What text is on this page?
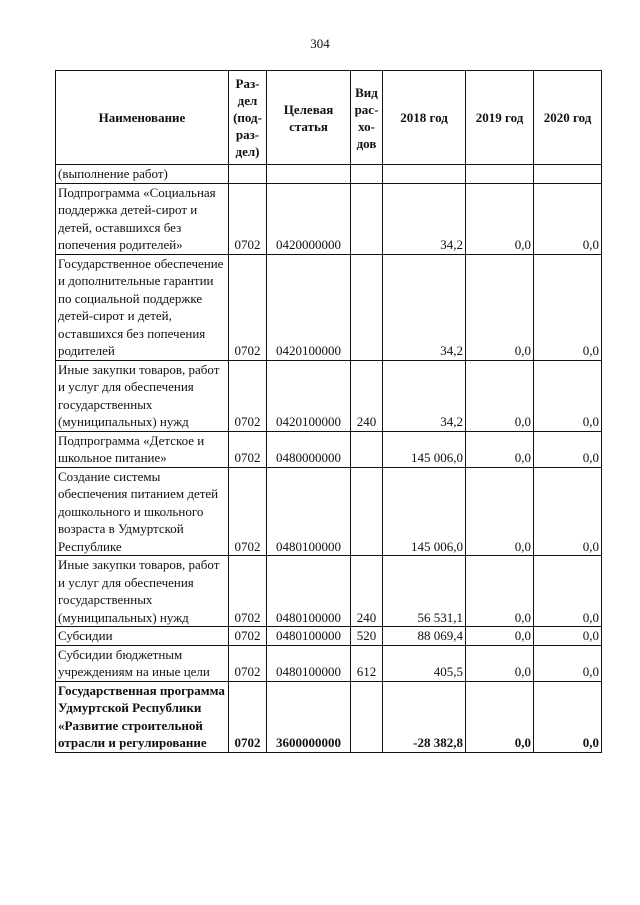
304
Наименование	Раз-дел (под-раз-дел)	Целевая статья	Вид рас-хо-дов	2018 год	2019 год	2020 год
(выполнение работ)						
Подпрограмма «Социальная поддержка детей-сирот и детей, оставшихся без попечения родителей»	0702	0420000000		34,2	0,0	0,0
Государственное обеспечение и дополнительные гарантии по социальной поддержке детей-сирот и детей, оставшихся без попечения родителей	0702	0420100000		34,2	0,0	0,0
Иные закупки товаров, работ и услуг для обеспечения государственных (муниципальных) нужд	0702	0420100000	240	34,2	0,0	0,0
Подпрограмма «Детское и школьное питание»	0702	0480000000		145 006,0	0,0	0,0
Создание системы обеспечения питанием детей дошкольного и школьного возраста в Удмуртской Республике	0702	0480100000		145 006,0	0,0	0,0
Иные закупки товаров, работ и услуг для обеспечения государственных (муниципальных) нужд	0702	0480100000	240	56 531,1	0,0	0,0
Субсидии	0702	0480100000	520	88 069,4	0,0	0,0
Субсидии бюджетным учреждениям на иные цели	0702	0480100000	612	405,5	0,0	0,0
Государственная программа Удмуртской Республики «Развитие строительной отрасли и регулирование	0702	3600000000		-28 382,8	0,0	0,0
